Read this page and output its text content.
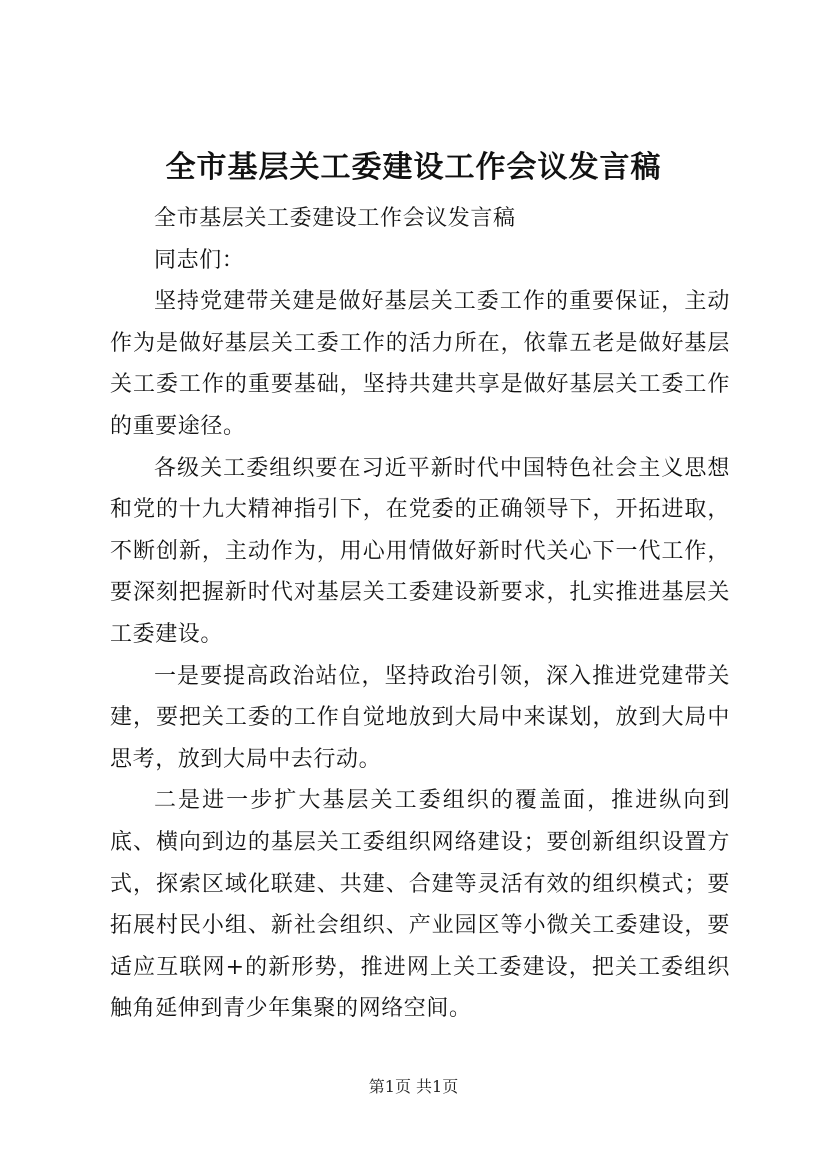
全市基层关工委建设工作会议发言稿

全市基层关工委建设工作会议发言稿

同志们：

坚持党建带关建是做好基层关工委工作的重要保证，主动作为是做好基层关工委工作的活力所在，依靠五老是做好基层关工委工作的重要基础，坚持共建共享是做好基层关工委工作的重要途径。

各级关工委组织要在习近平新时代中国特色社会主义思想和党的十九大精神指引下，在党委的正确领导下，开拓进取，不断创新，主动作为，用心用情做好新时代关心下一代工作，要深刻把握新时代对基层关工委建设新要求，扎实推进基层关工委建设。

一是要提高政治站位，坚持政治引领，深入推进党建带关建，要把关工委的工作自觉地放到大局中来谋划，放到大局中思考，放到大局中去行动。

二是进一步扩大基层关工委组织的覆盖面，推进纵向到底、横向到边的基层关工委组织网络建设；要创新组织设置方式，探索区域化联建、共建、合建等灵活有效的组织模式；要拓展村民小组、新社会组织、产业园区等小微关工委建设，要适应互联网+的新形势，推进网上关工委建设，把关工委组织触角延伸到青少年集聚的网络空间。

第1页 共1页
